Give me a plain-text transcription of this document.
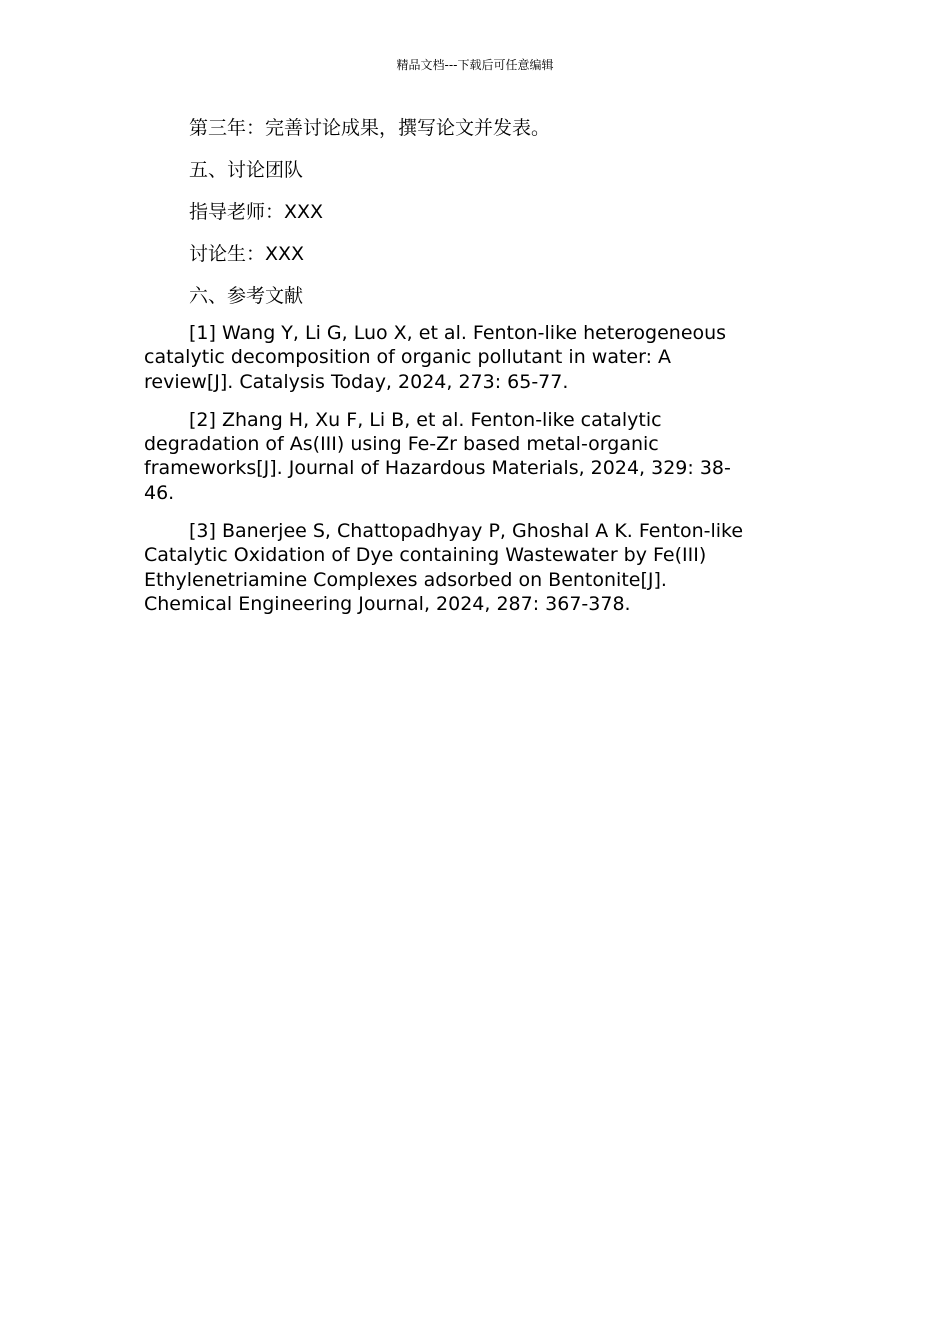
精品文档---下载后可任意编辑

第三年：完善讨论成果，撰写论文并发表。

五、讨论团队

指导老师：XXX

讨论生：XXX

六、参考文献

[1] Wang Y, Li G, Luo X, et al. Fenton-like heterogeneous
catalytic decomposition of organic pollutant in water: A
review[J]. Catalysis Today, 2024, 273: 65-77.
[2] Zhang H, Xu F, Li B, et al. Fenton-like catalytic
degradation of As(III) using Fe-Zr based metal-organic
frameworks[J]. Journal of Hazardous Materials, 2024, 329: 38-
46.
[3] Banerjee S, Chattopadhyay P, Ghoshal A K. Fenton-like
Catalytic Oxidation of Dye containing Wastewater by Fe(III)
Ethylenetriamine Complexes adsorbed on Bentonite[J].
Chemical Engineering Journal, 2024, 287: 367-378.
